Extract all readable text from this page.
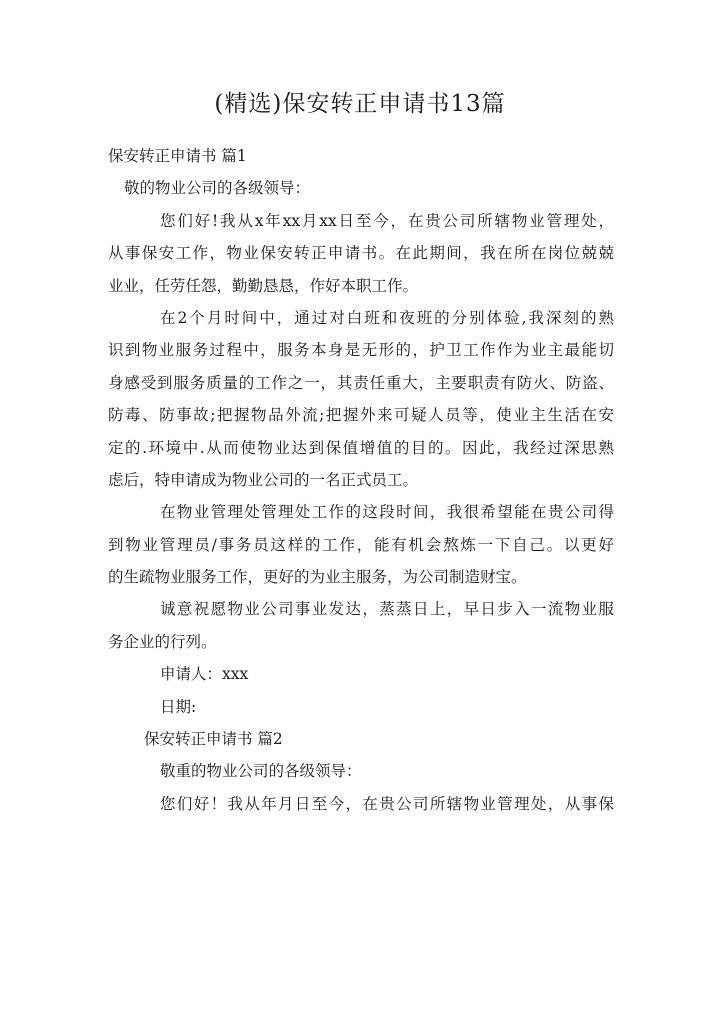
(精选)保安转正申请书13篇
保安转正申请书 篇1
敬的物业公司的各级领导：
您们好!我从x年xx月xx日至今，在贵公司所辖物业管理处，
从事保安工作，物业保安转正申请书。在此期间，我在所在岗位兢兢
业业，任劳任怨，勤勤恳恳，作好本职工作。
在2个月时间中，通过对白班和夜班的分别体验,我深刻的熟
识到物业服务过程中，服务本身是无形的，护卫工作作为业主最能切
身感受到服务质量的工作之一，其责任重大，主要职责有防火、防盗、
防毒、防事故;把握物品外流;把握外来可疑人员等，使业主生活在安
定的.环境中.从而使物业达到保值增值的目的。因此，我经过深思熟
虑后，特申请成为物业公司的一名正式员工。
在物业管理处管理处工作的这段时间，我很希望能在贵公司得
到物业管理员/事务员这样的工作，能有机会熬炼一下自己。以更好
的生疏物业服务工作，更好的为业主服务，为公司制造财宝。
诚意祝愿物业公司事业发达，蒸蒸日上，早日步入一流物业服
务企业的行列。
申请人：xxx
日期:
保安转正申请书 篇2
敬重的物业公司的各级领导：
您们好！我从年月日至今，在贵公司所辖物业管理处，从事保
